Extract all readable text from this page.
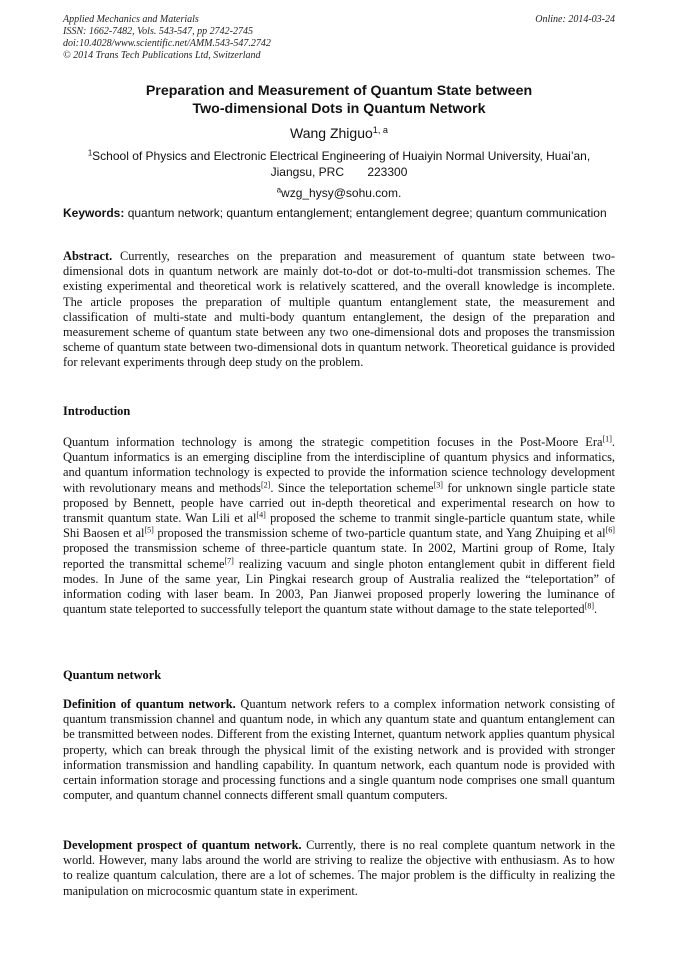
Applied Mechanics and Materials
ISSN: 1662-7482, Vols. 543-547, pp 2742-2745
doi:10.4028/www.scientific.net/AMM.543-547.2742
© 2014 Trans Tech Publications Ltd, Switzerland
Online: 2014-03-24
Preparation and Measurement of Quantum State between
Two-dimensional Dots in Quantum Network
Wang Zhiguo$^{1, a}$
$^1$School of Physics and Electronic Electrical Engineering of Huaiyin Normal University, Huai’an,
Jiangsu, PRC       223300
$^a$wzg_hysy@sohu.com.
Keywords: quantum network; quantum entanglement; entanglement degree; quantum communication
Abstract. Currently, researches on the preparation and measurement of quantum state between two-dimensional dots in quantum network are mainly dot-to-dot or dot-to-multi-dot transmission schemes. The existing experimental and theoretical work is relatively scattered, and the overall knowledge is incomplete. The article proposes the preparation of multiple quantum entanglement state, the measurement and classification of multi-state and multi-body quantum entanglement, the design of the preparation and measurement scheme of quantum state between any two one-dimensional dots and proposes the transmission scheme of quantum state between two-dimensional dots in quantum network. Theoretical guidance is provided for relevant experiments through deep study on the problem.
Introduction
Quantum information technology is among the strategic competition focuses in the Post-Moore Era[1]. Quantum informatics is an emerging discipline from the interdiscipline of quantum physics and informatics, and quantum information technology is expected to provide the information science technology development with revolutionary means and methods[2]. Since the teleportation scheme[3] for unknown single particle state proposed by Bennett, people have carried out in-depth theoretical and experimental research on how to transmit quantum state. Wan Lili et al[4] proposed the scheme to tranmit single-particle quantum state, while Shi Baosen et al[5] proposed the transmission scheme of two-particle quantum state, and Yang Zhuiping et al[6] proposed the transmission scheme of three-particle quantum state. In 2002, Martini group of Rome, Italy reported the transmittal scheme[7] realizing vacuum and single photon entanglement qubit in different field modes. In June of the same year, Lin Pingkai research group of Australia realized the “teleportation” of information coding with laser beam. In 2003, Pan Jianwei proposed properly lowering the luminance of quantum state teleported to successfully teleport the quantum state without damage to the state teleported[8].
Quantum network
Definition of quantum network. Quantum network refers to a complex information network consisting of quantum transmission channel and quantum node, in which any quantum state and quantum entanglement can be transmitted between nodes. Different from the existing Internet, quantum network applies quantum physical property, which can break through the physical limit of the existing network and is provided with stronger information transmission and handling capability. In quantum network, each quantum node is provided with certain information storage and processing functions and a single quantum node comprises one small quantum computer, and quantum channel connects different small quantum computers.
Development prospect of quantum network. Currently, there is no real complete quantum network in the world. However, many labs around the world are striving to realize the objective with enthusiasm. As to how to realize quantum calculation, there are a lot of schemes. The major problem is the difficulty in realizing the manipulation on microcosmic quantum state in experiment.
